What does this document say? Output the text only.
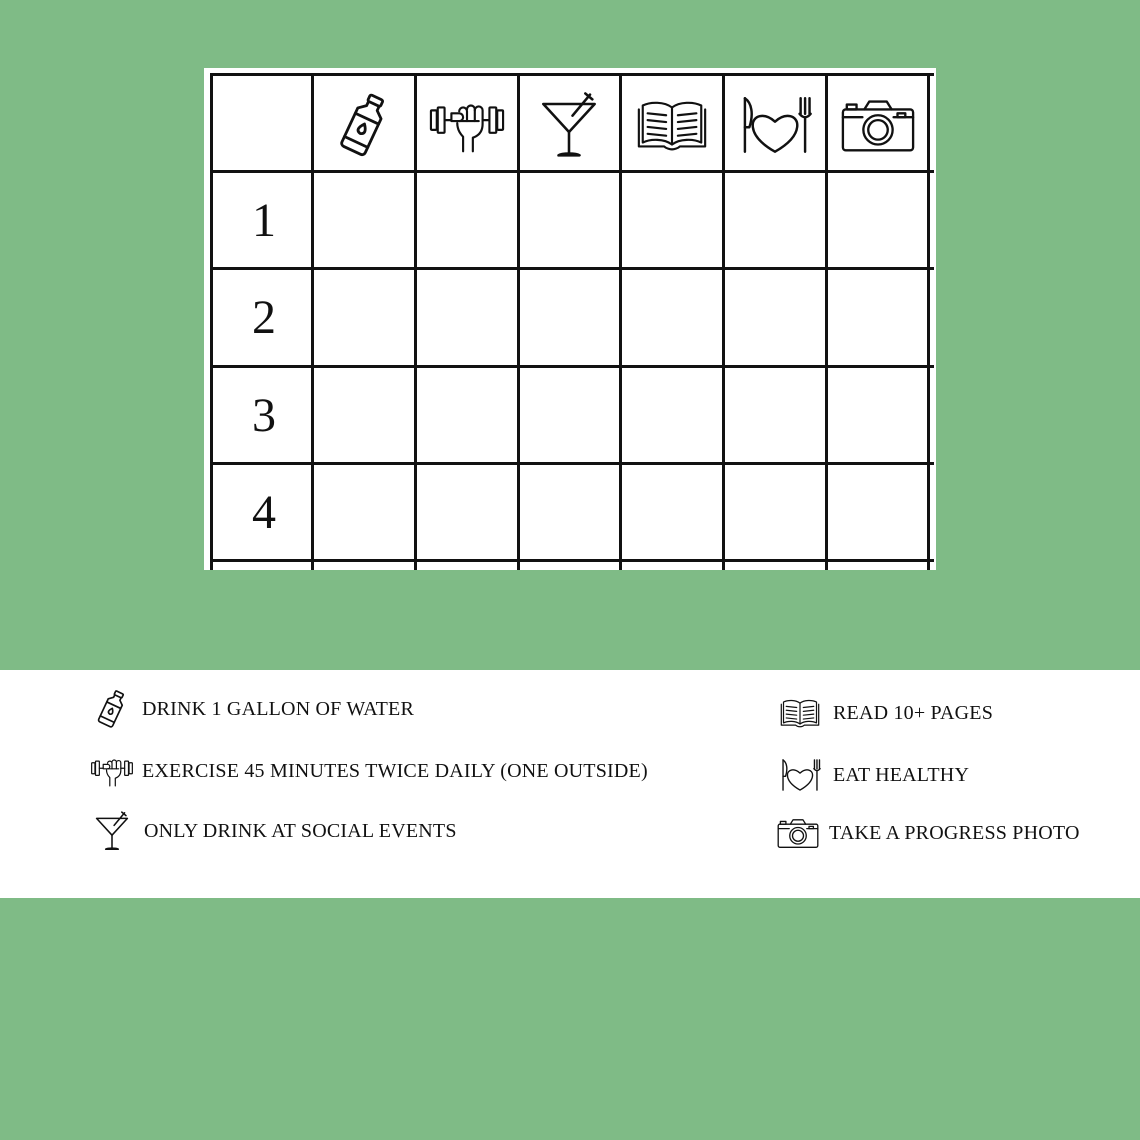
1
2
3
4
DRINK 1 GALLON OF WATER
EXERCISE 45 MINUTES TWICE DAILY (ONE OUTSIDE)
ONLY DRINK AT SOCIAL EVENTS
READ 10+ PAGES
EAT HEALTHY
TAKE A PROGRESS PHOTO
